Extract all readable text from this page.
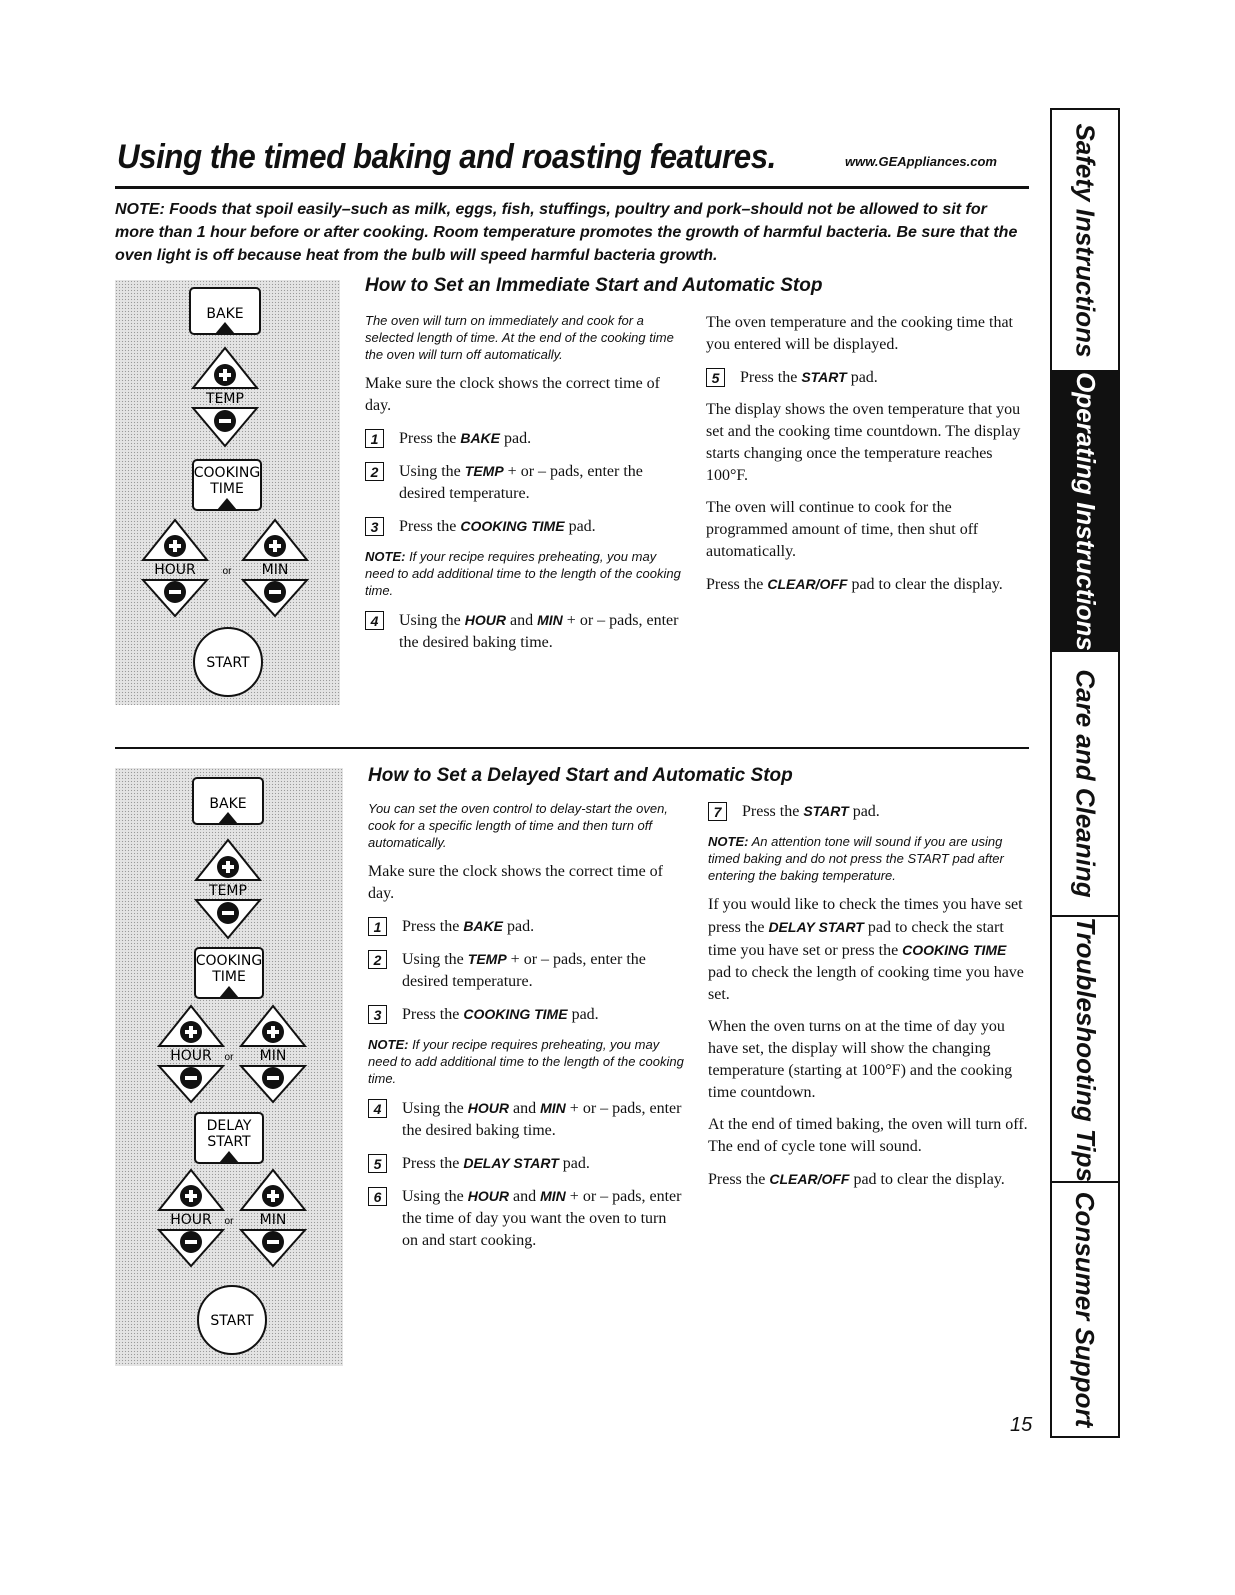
Using the timed baking and roasting features.	www.GEAppliances.com
NOTE: Foods that spoil easily–such as milk, eggs, fish, stuffings, poultry and pork–should not be allowed to sit for more than 1 hour before or after cooking. Room temperature promotes the growth of harmful bacteria. Be sure that the oven light is off because heat from the bulb will speed harmful bacteria growth.
BAKE
TEMP
COOKING
TIME
HOUR	or MIN
START
How to Set an Immediate Start and Automatic Stop

The oven will turn on immediately and cook for a selected length of time. At the end of the cooking time the oven will turn off automatically.

Make sure the clock shows the correct time of day.

1	Press the BAKE pad.
2	Using the TEMP + or – pads, enter the desired temperature.
3	Press the COOKING TIME pad.

NOTE: If your recipe requires preheating, you may need to add additional time to the length of the cooking time.

4	Using the HOUR and MIN + or – pads, enter the desired baking time.

The oven temperature and the cooking time that you entered will be displayed.

5	Press the START pad.

The display shows the oven temperature that you set and the cooking time countdown. The display starts changing once the temperature reaches 100°F.

The oven will continue to cook for the programmed amount of time, then shut off automatically.

Press the CLEAR/OFF pad to clear the display.

BAKE
TEMP
COOKING
TIME
HOUR or MIN
DELAY
START
HOUR or MIN
START
How to Set a Delayed Start and Automatic Stop

You can set the oven control to delay-start the oven, cook for a specific length of time and then turn off automatically.

Make sure the clock shows the correct time of day.

1	Press the BAKE pad.
2	Using the TEMP + or – pads, enter the desired temperature.
3	Press the COOKING TIME pad.

NOTE: If your recipe requires preheating, you may need to add additional time to the length of the cooking time.

4	Using the HOUR and MIN + or – pads, enter the desired baking time.
5	Press the DELAY START pad.
6	Using the HOUR and MIN + or – pads, enter the time of day you want the oven to turn on and start cooking.
7	Press the START pad.

NOTE: An attention tone will sound if you are using timed baking and do not press the START pad after entering the baking temperature.

If you would like to check the times you have set press the DELAY START pad to check the start time you have set or press the COOKING TIME pad to check the length of cooking time you have set.

When the oven turns on at the time of day you have set, the display will show the changing temperature (starting at 100°F) and the cooking time countdown.

At the end of timed baking, the oven will turn off. The end of cycle tone will sound.

Press the CLEAR/OFF pad to clear the display.

15
Safety Instructions
Operating Instructions
Care and Cleaning
Troubleshooting Tips
Consumer Support
